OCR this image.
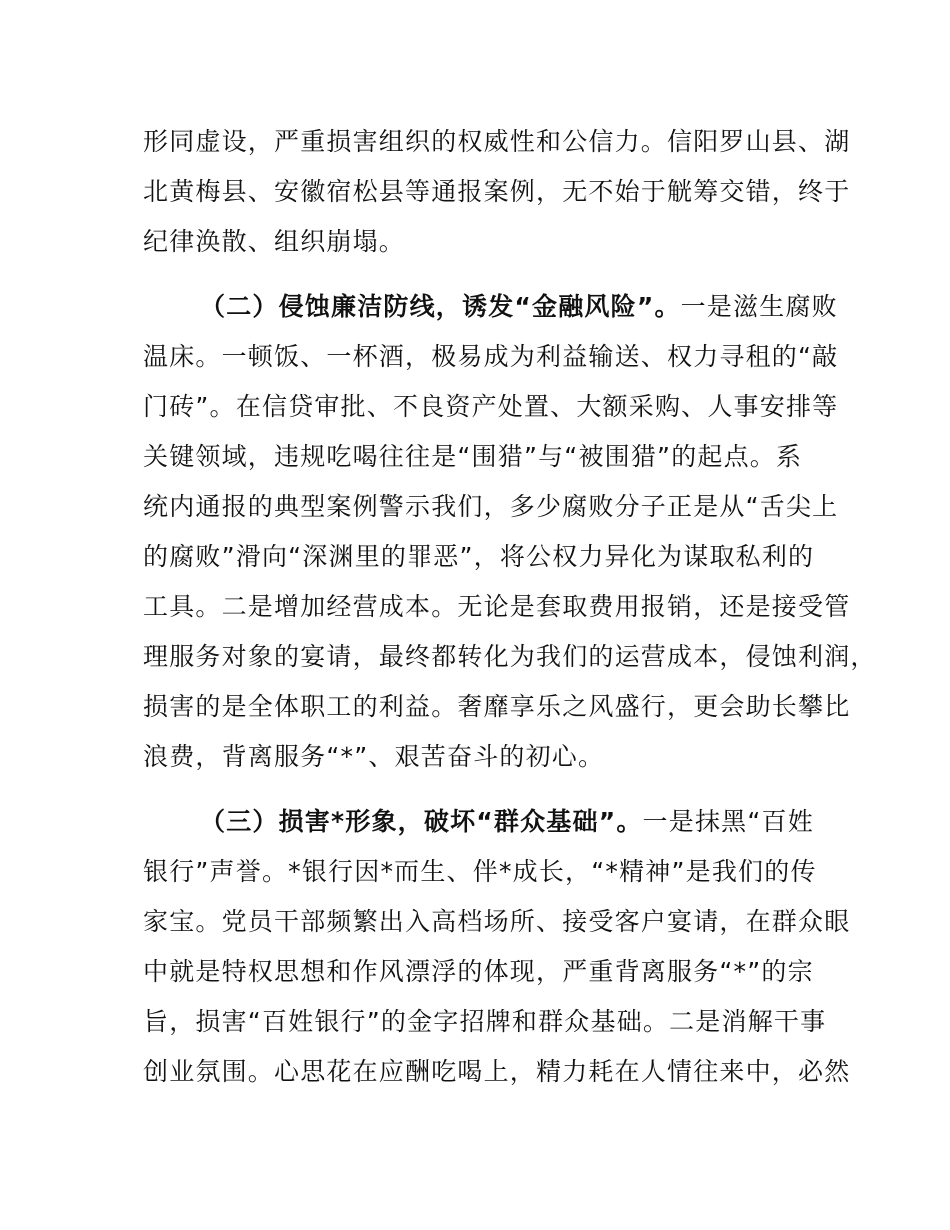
形同虚设，严重损害组织的权威性和公信力。信阳罗山县、湖
北黄梅县、安徽宿松县等通报案例，无不始于觥筹交错，终于
纪律涣散、组织崩塌。
（二）侵蚀廉洁防线，诱发“金融风险”。一是滋生腐败
温床。一顿饭、一杯酒，极易成为利益输送、权力寻租的“敲
门砖”。在信贷审批、不良资产处置、大额采购、人事安排等
关键领域，违规吃喝往往是“围猎”与“被围猎”的起点。系
统内通报的典型案例警示我们，多少腐败分子正是从“舌尖上
的腐败”滑向“深渊里的罪恶”，将公权力异化为谋取私利的
工具。二是增加经营成本。无论是套取费用报销，还是接受管
理服务对象的宴请，最终都转化为我们的运营成本，侵蚀利润，
损害的是全体职工的利益。奢靡享乐之风盛行，更会助长攀比
浪费，背离服务“*”、艰苦奋斗的初心。
（三）损害*形象，破坏“群众基础”。一是抹黑“百姓
银行”声誉。*银行因*而生、伴*成长，“*精神”是我们的传
家宝。党员干部频繁出入高档场所、接受客户宴请，在群众眼
中就是特权思想和作风漂浮的体现，严重背离服务“*”的宗
旨，损害“百姓银行”的金字招牌和群众基础。二是消解干事
创业氛围。心思花在应酬吃喝上，精力耗在人情往来中，必然
